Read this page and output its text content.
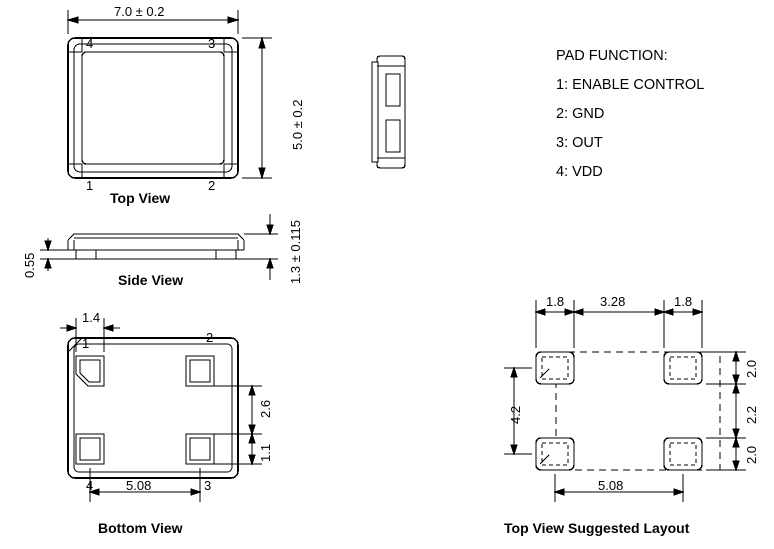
7.0 ± 0.2
4	3
1	2
5.0 ± 0.2
Top View
0.55	1.3 ± 0.115
Side View
1.4
1	2
4	3
5.08
2.6
1.1
Bottom View
1.8	3.28	1.8
2.0
2.2
2.0
4.2
5.08
Top View Suggested Layout
PAD FUNCTION:
1: ENABLE CONTROL
2: GND
3: OUT
4: VDD
